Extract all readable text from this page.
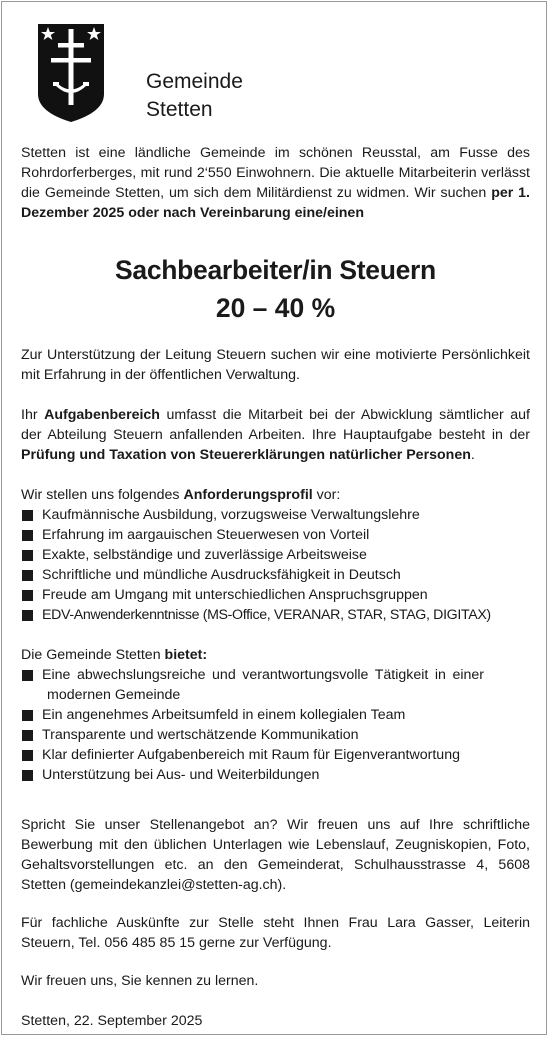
Gemeinde
Stetten

Stetten ist eine ländliche Gemeinde im schönen Reusstal, am Fusse des Rohrdorferberges, mit rund 2‘550 Einwohnern. Die aktuelle Mitarbeiterin verlässt die Gemeinde Stetten, um sich dem Militärdienst zu widmen. Wir suchen per 1. Dezember 2025 oder nach Vereinbarung eine/einen

Sachbearbeiter/in Steuern
20 – 40 %

Zur Unterstützung der Leitung Steuern suchen wir eine motivierte Persönlichkeit mit Erfahrung in der öffentlichen Verwaltung.

Ihr Aufgabenbereich umfasst die Mitarbeit bei der Abwicklung sämtlicher auf der Abteilung Steuern anfallenden Arbeiten. Ihre Hauptaufgabe besteht in der Prüfung und Taxation von Steuererklärungen natürlicher Personen.

Wir stellen uns folgendes Anforderungsprofil vor:

Kaufmännische Ausbildung, vorzugsweise Verwaltungslehre
Erfahrung im aargauischen Steuerwesen von Vorteil
Exakte, selbständige und zuverlässige Arbeitsweise
Schriftliche und mündliche Ausdrucksfähigkeit in Deutsch
Freude am Umgang mit unterschiedlichen Anspruchsgruppen
EDV-Anwenderkenntnisse (MS-Office, VERANAR, STAR, STAG, DIGITAX)

Die Gemeinde Stetten bietet:

Eine abwechslungsreiche und verantwortungsvolle Tätigkeit in einer
modernen Gemeinde
Ein angenehmes Arbeitsumfeld in einem kollegialen Team
Transparente und wertschätzende Kommunikation
Klar definierter Aufgabenbereich mit Raum für Eigenverantwortung
Unterstützung bei Aus- und Weiterbildungen

Spricht Sie unser Stellenangebot an? Wir freuen uns auf Ihre schriftliche Bewerbung mit den üblichen Unterlagen wie Lebenslauf, Zeugniskopien, Foto, Gehaltsvorstellungen etc. an den Gemeinderat, Schulhausstrasse 4, 5608 Stetten (gemeindekanzlei@stetten-ag.ch).

Für fachliche Auskünfte zur Stelle steht Ihnen Frau Lara Gasser, Leiterin Steuern, Tel. 056 485 85 15 gerne zur Verfügung.

Wir freuen uns, Sie kennen zu lernen.

Stetten, 22. September 2025
